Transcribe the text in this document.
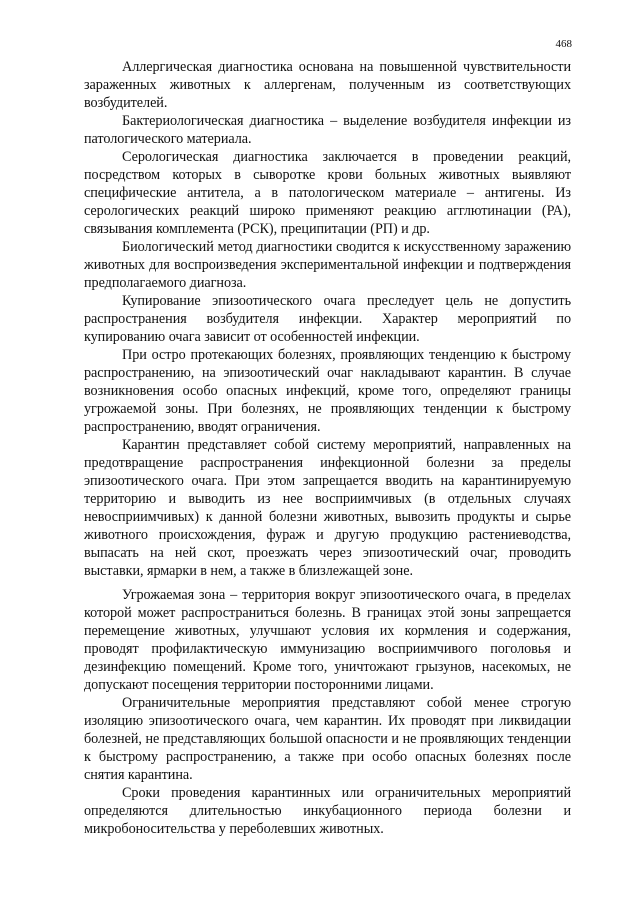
468

Аллергическая диагностика основана на повышенной чувствительности зараженных животных к аллергенам, полученным из соответствующих возбудителей.

Бактериологическая диагностика – выделение возбудителя инфекции из патологического материала.

Серологическая диагностика заключается в проведении реакций, посредством которых в сыворотке крови больных животных выявляют специфические антитела, а в патологическом материале – антигены. Из серологических реакций широко применяют реакцию агглютинации (РА), связывания комплемента (РСК), преципитации (РП) и др.

Биологический метод диагностики сводится к искусственному заражению животных для воспроизведения экспериментальной инфекции и подтверждения предполагаемого диагноза.

Купирование эпизоотического очага преследует цель не допустить распространения возбудителя инфекции. Характер мероприятий по купированию очага зависит от особенностей инфекции.

При остро протекающих болезнях, проявляющих тенденцию к быстрому распространению, на эпизоотический очаг накладывают карантин. В случае возникновения особо опасных инфекций, кроме того, определяют границы угрожаемой зоны. При болезнях, не проявляющих тенденции к быстрому распространению, вводят ограничения.

Карантин представляет собой систему мероприятий, направленных на предотвращение распространения инфекционной болезни за пределы эпизоотического очага. При этом запрещается вводить на карантинируемую территорию и выводить из нее восприимчивых (в отдельных случаях невосприимчивых) к данной болезни животных, вывозить продукты и сырье животного происхождения, фураж и другую продукцию растениеводства, выпасать на ней скот, проезжать через эпизоотический очаг, проводить выставки, ярмарки в нем, а также в близлежащей зоне.

Угрожаемая зона – территория вокруг эпизоотического очага, в пределах которой может распространиться болезнь. В границах этой зоны запрещается перемещение животных, улучшают условия их кормления и содержания, проводят профилактическую иммунизацию восприимчивого поголовья и дезинфекцию помещений. Кроме того, уничтожают грызунов, насекомых, не допускают посещения территории посторонними лицами.

Ограничительные мероприятия представляют собой менее строгую изоляцию эпизоотического очага, чем карантин. Их проводят при ликвидации болезней, не представляющих большой опасности и не проявляющих тенденции к быстрому распространению, а также при особо опасных болезнях после снятия карантина.

Сроки проведения карантинных или ограничительных мероприятий определяются длительностью инкубационного периода болезни и микробоносительства у переболевших животных.
